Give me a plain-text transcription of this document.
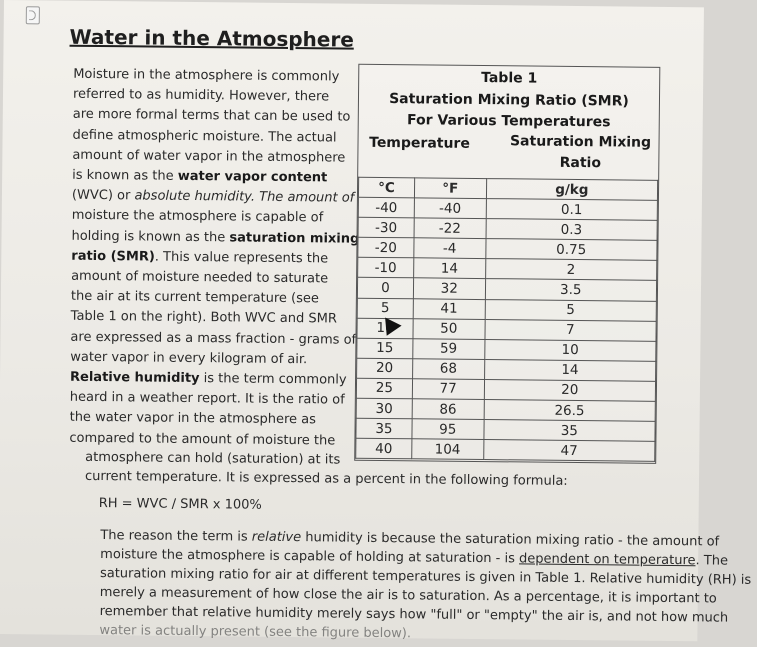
Water in the Atmosphere
Moisture in the atmosphere is commonly
referred to as humidity. However, there
are more formal terms that can be used to
define atmospheric moisture. The actual
amount of water vapor in the atmosphere
is known as the water vapor content
(WVC) or absolute humidity. The amount of
moisture the atmosphere is capable of
holding is known as the saturation mixing
ratio (SMR). This value represents the
amount of moisture needed to saturate
the air at its current temperature (see
Table 1 on the right). Both WVC and SMR
are expressed as a mass fraction - grams of
water vapor in every kilogram of air.
Relative humidity is the term commonly
heard in a weather report. It is the ratio of
the water vapor in the atmosphere as
compared to the amount of moisture the
Table 1
Saturation Mixing Ratio (SMR)
For Various Temperatures
Temperature	Saturation Mixing
Ratio
°C	°F	g/kg
-40	-40	0.1
-30	-22	0.3
-20	-4	0.75
-10	14	2
0	32	3.5
5	41	5
10	50	7
15	59	10
20	68	14
25	77	20
30	86	26.5
35	95	35
40	104	47
atmosphere can hold (saturation) at its
current temperature. It is expressed as a percent in the following formula:
RH = WVC / SMR x 100%
The reason the term is relative humidity is because the saturation mixing ratio - the amount of
moisture the atmosphere is capable of holding at saturation - is dependent on temperature. The
saturation mixing ratio for air at different temperatures is given in Table 1. Relative humidity (RH) is
merely a measurement of how close the air is to saturation. As a percentage, it is important to
remember that relative humidity merely says how "full" or "empty" the air is, and not how much
water is actually present (see the figure below).
